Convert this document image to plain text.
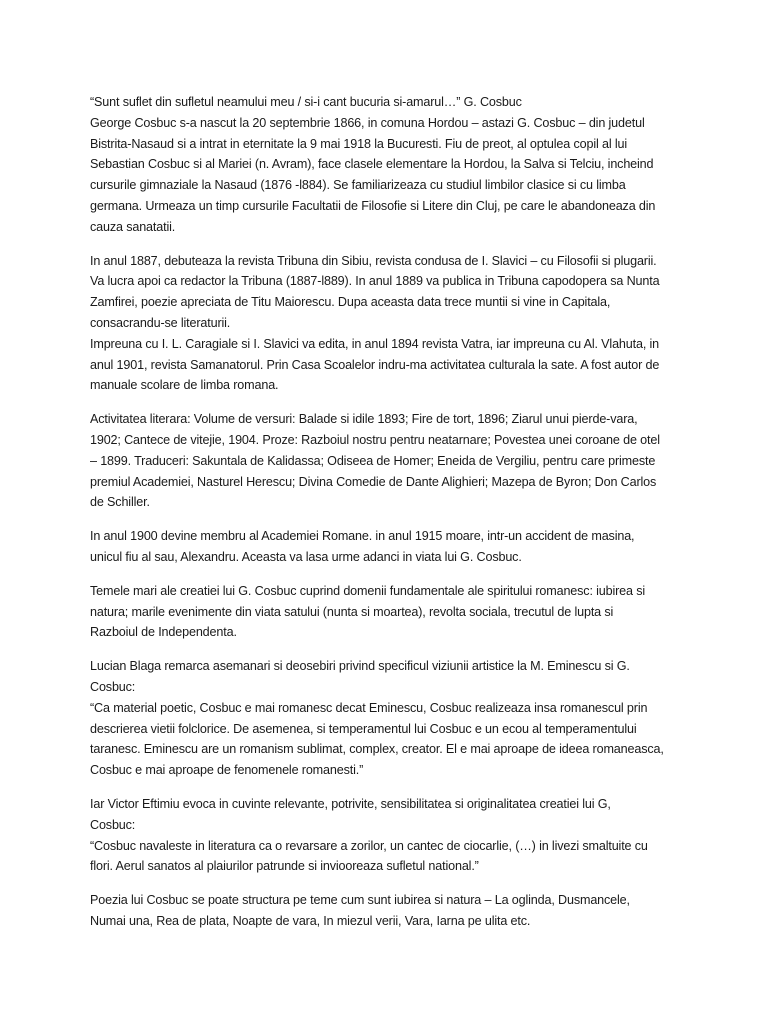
“Sunt suflet din sufletul neamului meu / si-i cant bucuria si-amarul…” G. Cosbuc
George Cosbuc s-a nascut la 20 septembrie 1866, in comuna Hordou – astazi G. Cosbuc – din judetul
Bistrita-Nasaud si a intrat in eternitate la 9 mai 1918 la Bucuresti. Fiu de preot, al optulea copil al lui
Sebastian Cosbuc si al Mariei (n. Avram), face clasele elementare la Hordou, la Salva si Telciu, incheind
cursurile gimnaziale la Nasaud (1876 -l884). Se familiarizeaza cu studiul limbilor clasice si cu limba
germana. Urmeaza un timp cursurile Facultatii de Filosofie si Litere din Cluj, pe care le abandoneaza din
cauza sanatatii.

In anul 1887, debuteaza la revista Tribuna din Sibiu, revista condusa de I. Slavici – cu Filosofii si plugarii.
Va lucra apoi ca redactor la Tribuna (1887-l889). In anul 1889 va publica in Tribuna capodopera sa Nunta
Zamfirei, poezie apreciata de Titu Maiorescu. Dupa aceasta data trece muntii si vine in Capitala,
consacrandu-se literaturii.
Impreuna cu I. L. Caragiale si I. Slavici va edita, in anul 1894 revista Vatra, iar impreuna cu Al. Vlahuta, in
anul 1901, revista Samanatorul. Prin Casa Scoalelor indru-ma activitatea culturala la sate. A fost autor de
manuale scolare de limba romana.

Activitatea literara: Volume de versuri: Balade si idile 1893; Fire de tort, 1896; Ziarul unui pierde-vara,
1902; Cantece de vitejie, 1904. Proze: Razboiul nostru pentru neatarnare; Povestea unei coroane de otel
– 1899. Traduceri: Sakuntala de Kalidassa; Odiseea de Homer; Eneida de Vergiliu, pentru care primeste
premiul Academiei, Nasturel Herescu; Divina Comedie de Dante Alighieri; Mazepa de Byron; Don Carlos
de Schiller.

In anul 1900 devine membru al Academiei Romane. in anul 1915 moare, intr-un accident de masina,
unicul fiu al sau, Alexandru. Aceasta va lasa urme adanci in viata lui G. Cosbuc.

Temele mari ale creatiei lui G. Cosbuc cuprind domenii fundamentale ale spiritului romanesc: iubirea si
natura; marile evenimente din viata satului (nunta si moartea), revolta sociala, trecutul de lupta si
Razboiul de Independenta.

Lucian Blaga remarca asemanari si deosebiri privind specificul viziunii artistice la M. Eminescu si G.
Cosbuc:
“Ca material poetic, Cosbuc e mai romanesc decat Eminescu, Cosbuc realizeaza insa romanescul prin
descrierea vietii folclorice. De asemenea, si temperamentul lui Cosbuc e un ecou al temperamentului
taranesc. Eminescu are un romanism sublimat, complex, creator. El e mai aproape de ideea romaneasca,
Cosbuc e mai aproape de fenomenele romanesti.”

Iar Victor Eftimiu evoca in cuvinte relevante, potrivite, sensibilitatea si originalitatea creatiei lui G,
Cosbuc:
“Cosbuc navaleste in literatura ca o revarsare a zorilor, un cantec de ciocarlie, (…) in livezi smaltuite cu
flori. Aerul sanatos al plaiurilor patrunde si inviooreaza sufletul national.”

Poezia lui Cosbuc se poate structura pe teme cum sunt iubirea si natura – La oglinda, Dusmancele,
Numai una, Rea de plata, Noapte de vara, In miezul verii, Vara, Iarna pe ulita etc.
